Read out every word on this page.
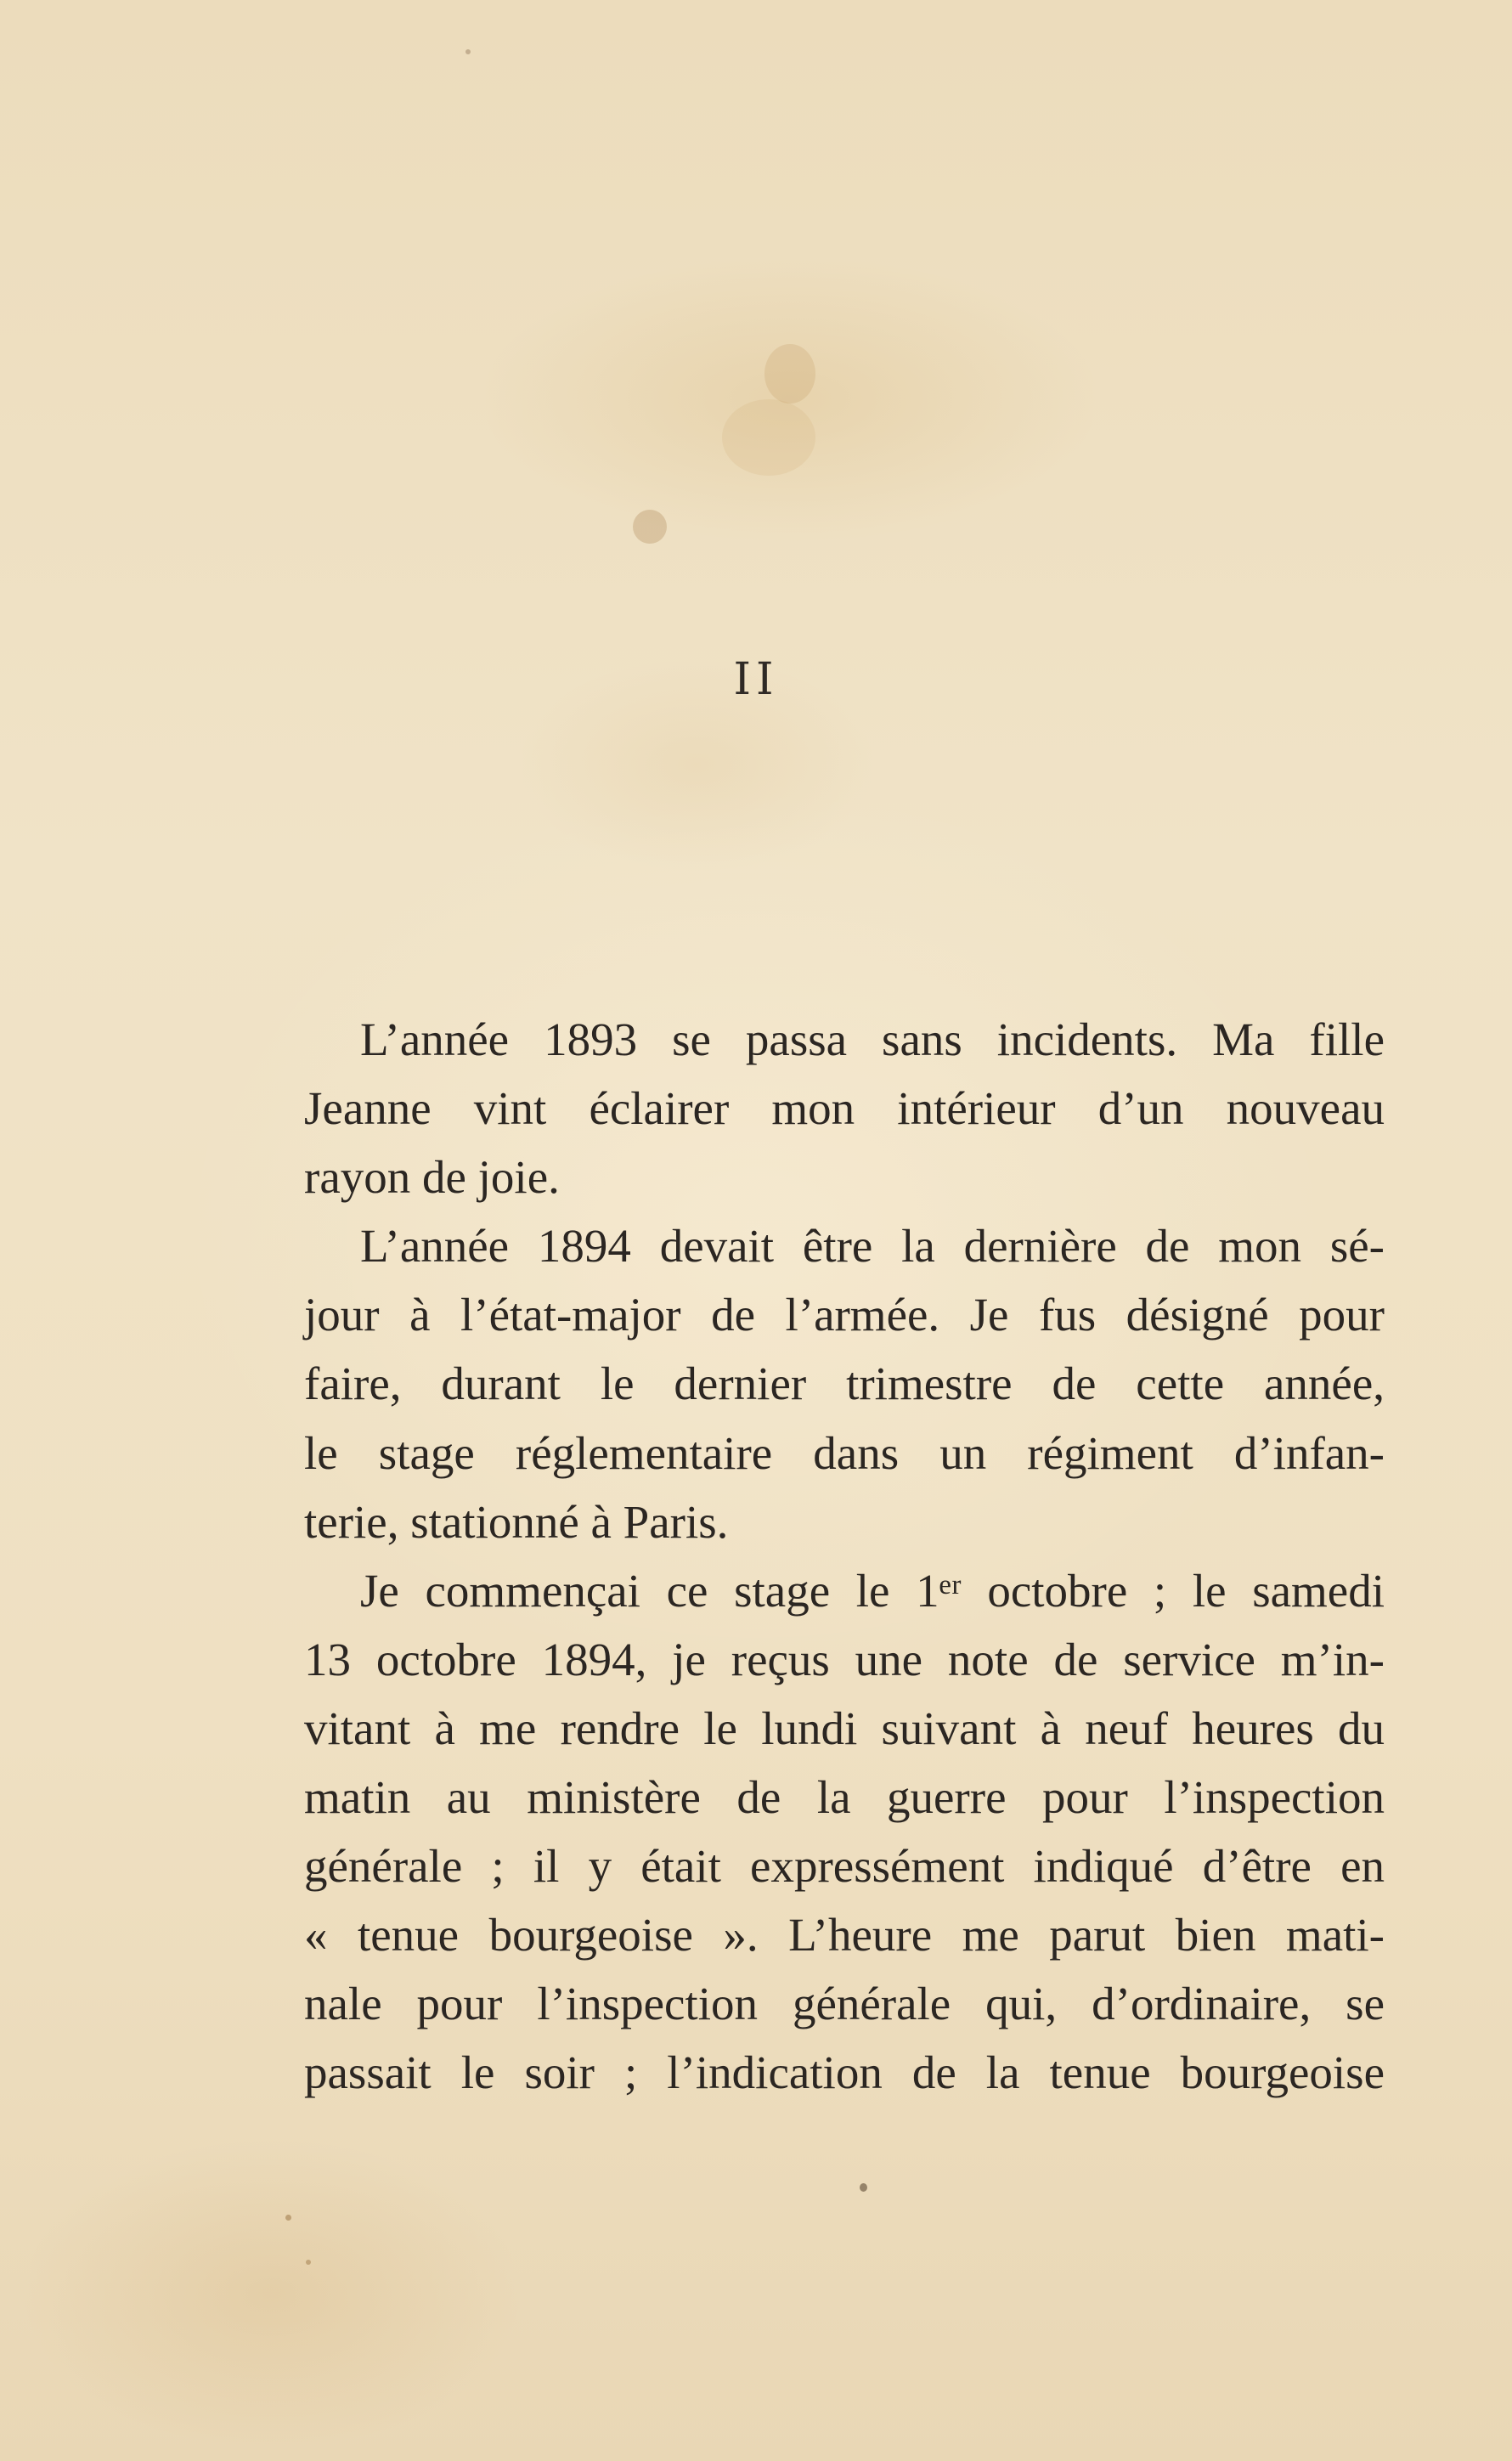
II

L’année 1893 se passa sans incidents. Ma fille
Jeanne vint éclairer mon intérieur d’un nouveau
rayon de joie.

L’année 1894 devait être la dernière de mon sé-
jour à l’état-major de l’armée. Je fus désigné pour
faire, durant le dernier trimestre de cette année,
le stage réglementaire dans un régiment d’infan-
terie, stationné à Paris.

Je commençai ce stage le 1ᵉʳ octobre ; le samedi
13 octobre 1894, je reçus une note de service m’in-
vitant à me rendre le lundi suivant à neuf heures du
matin au ministère de la guerre pour l’inspection
générale ; il y était expressément indiqué d’être en
« tenue bourgeoise ». L’heure me parut bien mati-
nale pour l’inspection générale qui, d’ordinaire, se
passait le soir ; l’indication de la tenue bourgeoise
